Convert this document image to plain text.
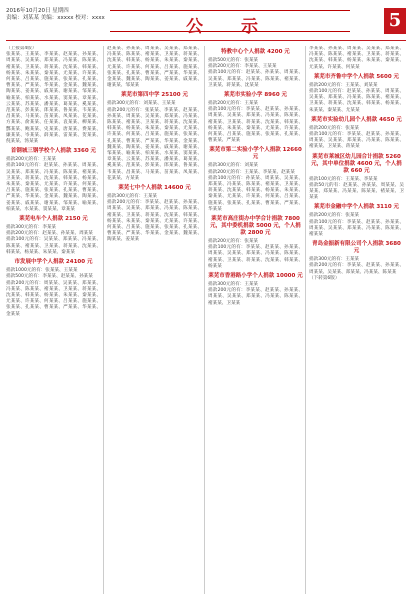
2016年10月20日 星期四
责编：刘某某 美编：xxxxx 校对：xxxx	公 示	5
（上接第4版）
张某某、王某某、李某某、赵某某、孙某某、周某某、吴某某、郑某某、冯某某、陈某某、褚某某、卫某某、蒋某某、沈某某、韩某某、杨某某、朱某某、秦某某、尤某某、许某某、何某某、吕某某、施某某、张某某、孔某某、曹某某、严某某、华某某、金某某、魏某某、陶某某、姜某某、戚某某、谢某某、邹某某、喻某某、柏某某、水某某、窦某某、章某某、云某某、苏某某、潘某某、葛某某、奚某某、范某某、彭某某、郎某某、鲁某某、韦某某、昌某某、马某某、苗某某、凤某某、花某某、方某某、俞某某、任某某、袁某某、柳某某、酆某某、鲍某某、史某某、唐某某、费某某、廉某某、岑某某、薛某某、雷某某、贺某某、倪某某、汤某某
首钢城三钢学校个人捐款 3360 元
捐款200元的有：王某某
捐款100元的有：赵某某、孙某某、周某某、吴某某、郑某某、冯某某、陈某某、褚某某、卫某某、蒋某某、沈某某、韩某某、杨某某、朱某某、秦某某、尤某某、许某某、何某某、吕某某、施某某、张某某、孔某某、曹某某、严某某、华某某、金某某、魏某某、陶某某、姜某某、戚某某、谢某某、邹某某、喻某某、柏某某、水某某、窦某某、章某某
莱芜电车个人捐款 2150 元
捐款300元的有：李某某
捐款200元的有：赵某某、孙某某、周某某
捐款100元的有：吴某某、郑某某、冯某某、陈某某、褚某某、卫某某、蒋某某、沈某某、韩某某、杨某某、朱某某、秦某某
市发展中学个人捐款 24100 元
捐款1000元的有：张某某、王某某
捐款500元的有：李某某、赵某某、孙某某
捐款200元的有：周某某、吴某某、郑某某、冯某某、陈某某、褚某某、卫某某、蒋某某、沈某某、韩某某、杨某某、朱某某、秦某某、尤某某、许某某、何某某、吕某某、施某某、张某某、孔某某、曹某某、严某某、华某某、金某某
赵某某、孙某某、周某某、吴某某、郑某某、冯某某、陈某某、褚某某、卫某某、蒋某某、沈某某、韩某某、杨某某、朱某某、秦某某、尤某某、许某某、何某某、吕某某、施某某、张某某、孔某某、曹某某、严某某、华某某、金某某、魏某某、陶某某、姜某某、戚某某、谢某某、邹某某
莱芜市第四中学 25100 元
捐款300元的有：刘某某、王某某
捐款200元的有：张某某、李某某、赵某某、孙某某、周某某、吴某某、郑某某、冯某某、陈某某、褚某某、卫某某、蒋某某、沈某某、韩某某、杨某某、朱某某、秦某某、尤某某、许某某、何某某、吕某某、施某某、张某某、孔某某、曹某某、严某某、华某某、金某某、魏某某、陶某某、姜某某、戚某某、谢某某、邹某某、喻某某、柏某某、水某某、窦某某、章某某、云某某、苏某某、潘某某、葛某某、奚某某、范某某、彭某某、郎某某、鲁某某、韦某某、昌某某、马某某、苗某某、凤某某、花某某、方某某
莱芜七中个人捐款 14600 元
捐款300元的有：王某某
捐款200元的有：李某某、赵某某、孙某某、周某某、吴某某、郑某某、冯某某、陈某某、褚某某、卫某某、蒋某某、沈某某、韩某某、杨某某、朱某某、秦某某、尤某某、许某某、何某某、吕某某、施某某、张某某、孔某某、曹某某、严某某、华某某、金某某、魏某某、陶某某、姜某某
特教中心个人捐款 4200 元
捐款500元的有：张某某
捐款200元的有：李某某、王某某
捐款100元的有：赵某某、孙某某、周某某、吴某某、郑某某、冯某某、陈某某、褚某某、卫某某、蒋某某、沈某某
莱芜市实验小学 8960 元
捐款200元的有：王某某
捐款100元的有：李某某、赵某某、孙某某、周某某、吴某某、郑某某、冯某某、陈某某、褚某某、卫某某、蒋某某、沈某某、韩某某、杨某某、朱某某、秦某某、尤某某、许某某、何某某、吕某某、施某某、张某某、孔某某、曹某某、严某某
莱芜市第二实验小学个人捐款 12660 元
捐款300元的有：刘某某
捐款200元的有：王某某、李某某、赵某某
捐款100元的有：孙某某、周某某、吴某某、郑某某、冯某某、陈某某、褚某某、卫某某、蒋某某、沈某某、韩某某、杨某某、朱某某、秦某某、尤某某、许某某、何某某、吕某某、施某某、张某某、孔某某、曹某某、严某某、华某某
莱芜市高庄街办中学合计捐款 7800 元，其中委机捐款 5000 元，个人捐款 2800 元
捐款200元的有：张某某
捐款100元的有：李某某、赵某某、孙某某、周某某、吴某某、郑某某、冯某某、陈某某、褚某某、卫某某、蒋某某、沈某某、韩某某、杨某某
莱芜市香港路小学个人捐款 10000 元
捐款300元的有：王某某
捐款200元的有：李某某、赵某某、孙某某、周某某、吴某某、郑某某、冯某某、陈某某、褚某某、卫某某
李某某、孙某某、周某某、吴某某、郑某某、冯某某、陈某某、褚某某、卫某某、蒋某某、沈某某、韩某某、杨某某、朱某某、秦某某、尤某某、许某某、何某某
莱芜市齐鲁中学个人捐款 5600 元
捐款200元的有：王某某、刘某某
捐款100元的有：赵某某、孙某某、周某某、吴某某、郑某某、冯某某、陈某某、褚某某、卫某某、蒋某某、沈某某、韩某某、杨某某、朱某某、秦某某、尤某某
莱芜市实验幼儿园个人捐款 4650 元
捐款200元的有：张某某
捐款100元的有：李某某、赵某某、孙某某、周某某、吴某某、郑某某、冯某某、陈某某、褚某某、卫某某、蒋某某
莱芜市莱城区幼儿园合计捐款 5260 元，其中单位捐款 4600 元，个人捐款 660 元
捐款100元的有：王某某、李某某
捐款50元的有：赵某某、孙某某、周某某、吴某某、郑某某、冯某某、陈某某、褚某某、卫某某
莱芜市金融中学个人捐款 3110 元
捐款200元的有：张某某
捐款100元的有：李某某、赵某某、孙某某、周某某、吴某某、郑某某、冯某某、陈某某、褚某某
青岛金振新有限公司个人捐款 3680 元
捐款300元的有：王某某
捐款200元的有：李某某、赵某某、孙某某、周某某、吴某某、郑某某、冯某某、陈某某
（下转第6版）
